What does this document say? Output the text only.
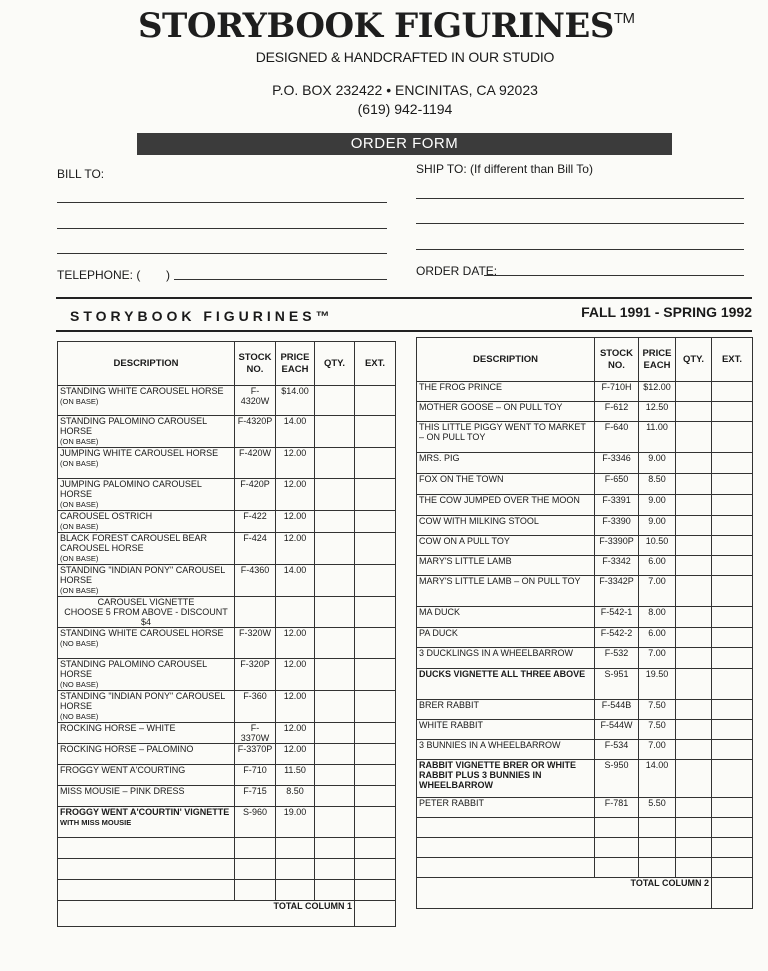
STORYBOOK FIGURINES™
DESIGNED & HANDCRAFTED IN OUR STUDIO
P.O. BOX 232422 • ENCINITAS, CA 92023
(619) 942-1194
ORDER FORM
BILL TO:	SHIP TO: (If different than Bill To)
TELEPHONE: ( )	ORDER DATE:
STORYBOOK FIGURINES™	FALL 1991 - SPRING 1992
DESCRIPTION	STOCK NO.	PRICE EACH	QTY.	EXT.
STANDING WHITE CAROUSEL HORSE
(ON BASE)	F-4320W	$14.00		
STANDING PALOMINO CAROUSEL HORSE
(ON BASE)	F-4320P	14.00		
JUMPING WHITE CAROUSEL HORSE
(ON BASE)	F-420W	12.00		
JUMPING PALOMINO CAROUSEL HORSE
(ON BASE)	F-420P	12.00		
CAROUSEL OSTRICH
(ON BASE)	F-422	12.00		
BLACK FOREST CAROUSEL BEAR CAROUSEL HORSE
(ON BASE)	F-424	12.00		
STANDING "INDIAN PONY" CAROUSEL HORSE
(ON BASE)	F-4360	14.00		

CAROUSEL VIGNETTE
CHOOSE 5 FROM ABOVE - DISCOUNT $4				

STANDING WHITE CAROUSEL HORSE
(NO BASE)	F-320W	12.00		
STANDING PALOMINO CAROUSEL HORSE
(NO BASE)	F-320P	12.00		
STANDING "INDIAN PONY" CAROUSEL HORSE
(NO BASE)	F-360	12.00		
ROCKING HORSE – WHITE	F-3370W	12.00		
ROCKING HORSE – PALOMINO	F-3370P	12.00		
FROGGY WENT A'COURTING	F-710	11.50		
MISS MOUSIE – PINK DRESS	F-715	8.50		
FROGGY WENT A'COURTIN' VIGNETTE
WITH MISS MOUSIE	S-960	19.00		

TOTAL COLUMN 1				
DESCRIPTION	STOCK NO.	PRICE EACH	QTY.	EXT.
THE FROG PRINCE	F-710H	$12.00		
MOTHER GOOSE – ON PULL TOY	F-612	12.50		
THIS LITTLE PIGGY WENT TO MARKET – ON PULL TOY	F-640	11.00		
MRS. PIG	F-3346	9.00		
FOX ON THE TOWN	F-650	8.50		
THE COW JUMPED OVER THE MOON	F-3391	9.00		
COW WITH MILKING STOOL	F-3390	9.00		
COW ON A PULL TOY	F-3390P	10.50		
MARY'S LITTLE LAMB	F-3342	6.00		
MARY'S LITTLE LAMB – ON PULL TOY	F-3342P	7.00		
MA DUCK	F-542-1	8.00		
PA DUCK	F-542-2	6.00		
3 DUCKLINGS IN A WHEELBARROW	F-532	7.00		
DUCKS VIGNETTE ALL THREE ABOVE	S-951	19.50		
BRER RABBIT	F-544B	7.50		
WHITE RABBIT	F-544W	7.50		
3 BUNNIES IN A WHEELBARROW	F-534	7.00		
RABBIT VIGNETTE BRER OR WHITE RABBIT PLUS 3 BUNNIES IN WHEELBARROW	S-950	14.00		
PETER RABBIT	F-781	5.50		

TOTAL COLUMN 2				
